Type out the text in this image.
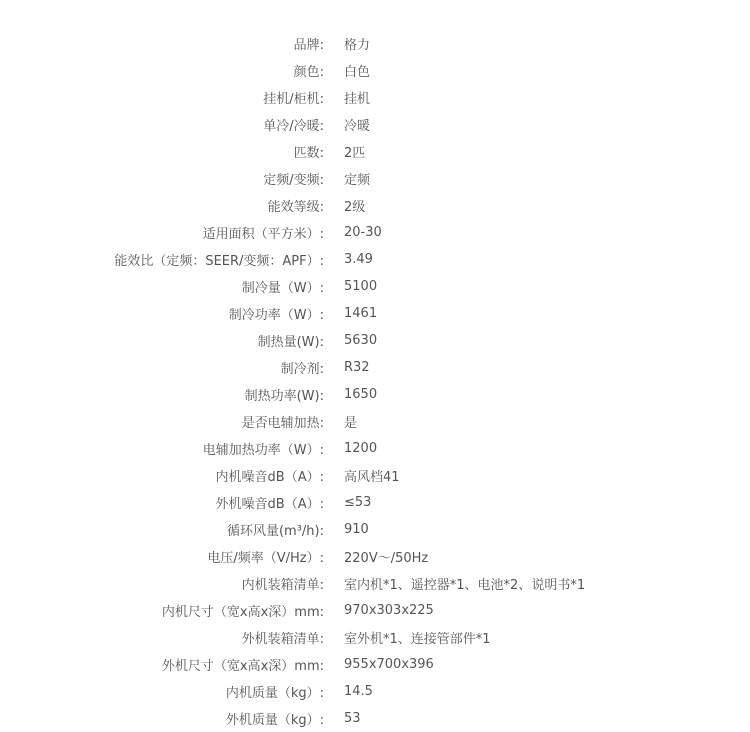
品牌:	格力
颜色:	白色
挂机/柜机:	挂机
单冷/冷暖:	冷暖
匹数:	2匹
定频/变频:	定频
能效等级:	2级
适用面积（平方米）:	20-30
能效比（定频：SEER/变频：APF）:	3.49
制冷量（W）:	5100
制冷功率（W）:	1461
制热量(W):	5630
制冷剂:	R32
制热功率(W):	1650
是否电辅加热:	是
电辅加热功率（W）:	1200
内机噪音dB（A）:	高风档41
外机噪音dB（A）:	≤53
循环风量(m³/h):	910
电压/频率（V/Hz）:	220V～/50Hz
内机装箱清单:	室内机*1、遥控器*1、电池*2、说明书*1
内机尺寸（宽x高x深）mm:	970x303x225
外机装箱清单:	室外机*1、连接管部件*1
外机尺寸（宽x高x深）mm:	955x700x396
内机质量（kg）:	14.5
外机质量（kg）:	53
